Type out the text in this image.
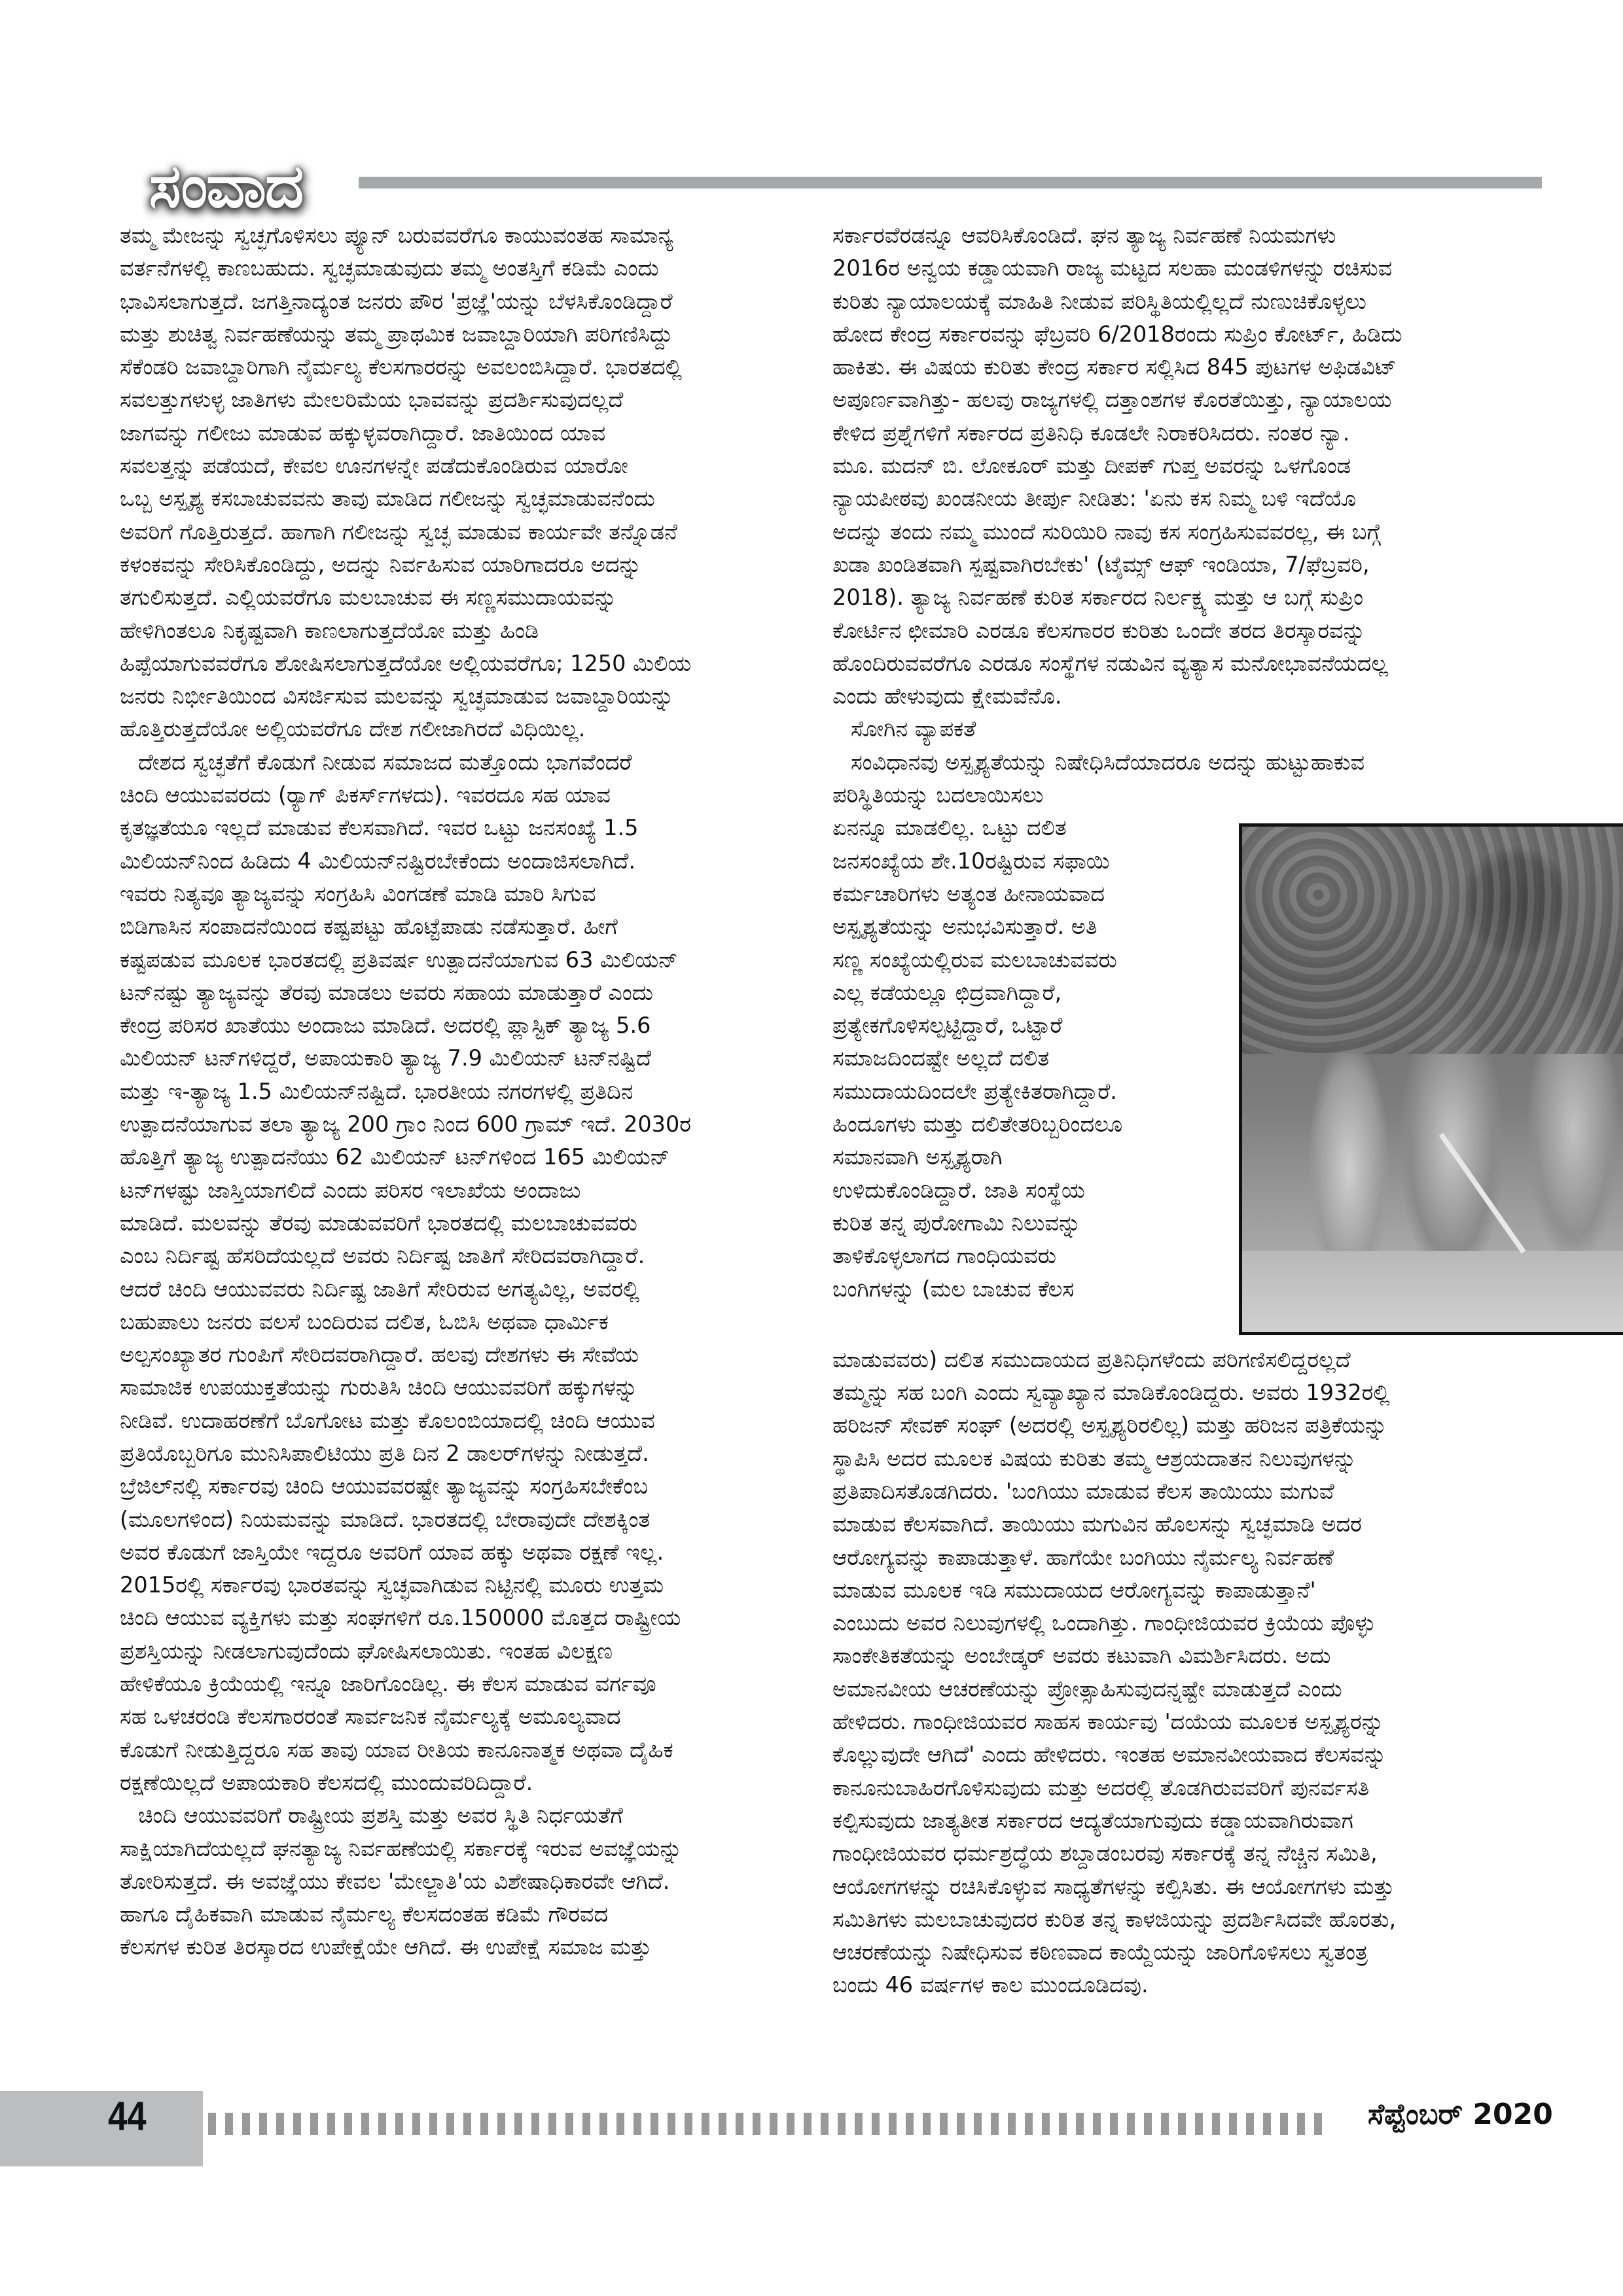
ಸಂವಾದ
ತಮ್ಮ ಮೇಜನ್ನು ಸ್ವಚ್ಛಗೊಳಿಸಲು ಪ್ಯೂನ್ ಬರುವವರೆಗೂ ಕಾಯುವಂತಹ ಸಾಮಾನ್ಯ
ವರ್ತನೆಗಳಲ್ಲಿ ಕಾಣಬಹುದು. ಸ್ವಚ್ಛಮಾಡುವುದು ತಮ್ಮ ಅಂತಸ್ತಿಗೆ ಕಡಿಮೆ ಎಂದು
ಭಾವಿಸಲಾಗುತ್ತದೆ. ಜಗತ್ತಿನಾದ್ಯಂತ ಜನರು ಪೌರ 'ಪ್ರಜ್ಞೆ'ಯನ್ನು ಬೆಳಸಿಕೊಂಡಿದ್ದಾರೆ
ಮತ್ತು ಶುಚಿತ್ವ ನಿರ್ವಹಣೆಯನ್ನು ತಮ್ಮ ಪ್ರಾಥಮಿಕ ಜವಾಬ್ದಾರಿಯಾಗಿ ಪರಿಗಣಿಸಿದ್ದು
ಸೆಕೆಂಡರಿ ಜವಾಬ್ದಾರಿಗಾಗಿ ನೈರ್ಮಲ್ಯ ಕೆಲಸಗಾರರನ್ನು ಅವಲಂಬಿಸಿದ್ದಾರೆ. ಭಾರತದಲ್ಲಿ
ಸವಲತ್ತುಗಳುಳ್ಳ ಜಾತಿಗಳು ಮೇಲರಿಮೆಯ ಭಾವವನ್ನು ಪ್ರದರ್ಶಿಸುವುದಲ್ಲದೆ
ಜಾಗವನ್ನು ಗಲೀಜು ಮಾಡುವ ಹಕ್ಕುಳ್ಳವರಾಗಿದ್ದಾರೆ. ಜಾತಿಯಿಂದ ಯಾವ
ಸವಲತ್ತನ್ನು ಪಡೆಯದೆ, ಕೇವಲ ಊನಗಳನ್ನೇ ಪಡೆದುಕೊಂಡಿರುವ ಯಾರೋ
ಒಬ್ಬ ಅಸ್ಪೃಶ್ಯ ಕಸಬಾಚುವವನು ತಾವು ಮಾಡಿದ ಗಲೀಜನ್ನು ಸ್ವಚ್ಛಮಾಡುವನೆಂದು
ಅವರಿಗೆ ಗೊತ್ತಿರುತ್ತದೆ. ಹಾಗಾಗಿ ಗಲೀಜನ್ನು ಸ್ವಚ್ಛ ಮಾಡುವ ಕಾರ್ಯವೇ ತನ್ನೊಡನೆ
ಕಳಂಕವನ್ನು ಸೇರಿಸಿಕೊಂಡಿದ್ದು, ಅದನ್ನು ನಿರ್ವಹಿಸುವ ಯಾರಿಗಾದರೂ ಅದನ್ನು
ತಗುಲಿಸುತ್ತದೆ. ಎಲ್ಲಿಯವರೆಗೂ ಮಲಬಾಚುವ ಈ ಸಣ್ಣಸಮುದಾಯವನ್ನು
ಹೇಳಿಗಿಂತಲೂ ನಿಕೃಷ್ಟವಾಗಿ ಕಾಣಲಾಗುತ್ತದೆಯೋ ಮತ್ತು ಹಿಂಡಿ
ಹಿಪ್ಪೆಯಾಗುವವರೆಗೂ ಶೋಷಿಸಲಾಗುತ್ತದೆಯೋ ಅಲ್ಲಿಯವರೆಗೂ; 1250 ಮಿಲಿಯ
ಜನರು ನಿರ್ಭೀತಿಯಿಂದ ವಿಸರ್ಜಿಸುವ ಮಲವನ್ನು ಸ್ವಚ್ಛಮಾಡುವ ಜವಾಬ್ದಾರಿಯನ್ನು
ಹೊತ್ತಿರುತ್ತದೆಯೋ ಅಲ್ಲಿಯವರೆಗೂ ದೇಶ ಗಲೀಜಾಗಿರದೆ ವಿಧಿಯಿಲ್ಲ.
ದೇಶದ ಸ್ವಚ್ಛತೆಗೆ ಕೊಡುಗೆ ನೀಡುವ ಸಮಾಜದ ಮತ್ತೊಂದು ಭಾಗವೆಂದರೆ
ಚಿಂದಿ ಆಯುವವರದು (ರ್‍ಯಾಗ್ ಪಿಕರ್ಸ್‌ಗಳದು). ಇವರದೂ ಸಹ ಯಾವ
ಕೃತಜ್ಞತೆಯೂ ಇಲ್ಲದೆ ಮಾಡುವ ಕೆಲಸವಾಗಿದೆ. ಇವರ ಒಟ್ಟು ಜನಸಂಖ್ಯೆ 1.5
ಮಿಲಿಯನ್‌ನಿಂದ ಹಿಡಿದು 4 ಮಿಲಿಯನ್‌ನಷ್ಟಿರಬೇಕೆಂದು ಅಂದಾಜಿಸಲಾಗಿದೆ.
ಇವರು ನಿತ್ಯವೂ ತ್ಯಾಜ್ಯವನ್ನು ಸಂಗ್ರಹಿಸಿ ವಿಂಗಡಣೆ ಮಾಡಿ ಮಾರಿ ಸಿಗುವ
ಬಿಡಿಗಾಸಿನ ಸಂಪಾದನೆಯಿಂದ ಕಷ್ಟಪಟ್ಟು ಹೊಟ್ಟೆಪಾಡು ನಡೆಸುತ್ತಾರೆ. ಹೀಗೆ
ಕಷ್ಟಪಡುವ ಮೂಲಕ ಭಾರತದಲ್ಲಿ ಪ್ರತಿವರ್ಷ ಉತ್ಪಾದನೆಯಾಗುವ 63 ಮಿಲಿಯನ್
ಟನ್‌ನಷ್ಟು ತ್ಯಾಜ್ಯವನ್ನು ತೆರವು ಮಾಡಲು ಅವರು ಸಹಾಯ ಮಾಡುತ್ತಾರೆ ಎಂದು
ಕೇಂದ್ರ ಪರಿಸರ ಖಾತೆಯು ಅಂದಾಜು ಮಾಡಿದೆ. ಅದರಲ್ಲಿ ಪ್ಲಾಸ್ಟಿಕ್ ತ್ಯಾಜ್ಯ 5.6
ಮಿಲಿಯನ್ ಟನ್‌ಗಳಿದ್ದರೆ, ಅಪಾಯಕಾರಿ ತ್ಯಾಜ್ಯ 7.9 ಮಿಲಿಯನ್ ಟನ್‌ನಷ್ಟಿದೆ
ಮತ್ತು ಇ-ತ್ಯಾಜ್ಯ 1.5 ಮಿಲಿಯನ್‌ನಷ್ಟಿದೆ. ಭಾರತೀಯ ನಗರಗಳಲ್ಲಿ ಪ್ರತಿದಿನ
ಉತ್ಪಾದನೆಯಾಗುವ ತಲಾ ತ್ಯಾಜ್ಯ 200 ಗ್ರಾಂ ನಿಂದ 600 ಗ್ರಾಮ್ ಇದೆ. 2030ರ
ಹೊತ್ತಿಗೆ ತ್ಯಾಜ್ಯ ಉತ್ಪಾದನೆಯು 62 ಮಿಲಿಯನ್ ಟನ್‌ಗಳಿಂದ 165 ಮಿಲಿಯನ್
ಟನ್‌ಗಳಷ್ಟು ಜಾಸ್ತಿಯಾಗಲಿದೆ ಎಂದು ಪರಿಸರ ಇಲಾಖೆಯ ಅಂದಾಜು
ಮಾಡಿದೆ. ಮಲವನ್ನು ತೆರವು ಮಾಡುವವರಿಗೆ ಭಾರತದಲ್ಲಿ ಮಲಬಾಚುವವರು
ಎಂಬ ನಿರ್ದಿಷ್ಟ ಹೆಸರಿದೆಯಲ್ಲದೆ ಅವರು ನಿರ್ದಿಷ್ಟ ಜಾತಿಗೆ ಸೇರಿದವರಾಗಿದ್ದಾರೆ.
ಆದರೆ ಚಿಂದಿ ಆಯುವವರು ನಿರ್ದಿಷ್ಟ ಜಾತಿಗೆ ಸೇರಿರುವ ಅಗತ್ಯವಿಲ್ಲ, ಅವರಲ್ಲಿ
ಬಹುಪಾಲು ಜನರು ವಲಸೆ ಬಂದಿರುವ ದಲಿತ, ಓಬಿಸಿ ಅಥವಾ ಧಾರ್ಮಿಕ
ಅಲ್ಪಸಂಖ್ಯಾತರ ಗುಂಪಿಗೆ ಸೇರಿದವರಾಗಿದ್ದಾರೆ. ಹಲವು ದೇಶಗಳು ಈ ಸೇವೆಯ
ಸಾಮಾಜಿಕ ಉಪಯುಕ್ತತೆಯನ್ನು ಗುರುತಿಸಿ ಚಿಂದಿ ಆಯುವವರಿಗೆ ಹಕ್ಕುಗಳನ್ನು
ನೀಡಿವೆ. ಉದಾಹರಣೆಗೆ ಬೊಗೋಟ ಮತ್ತು ಕೊಲಂಬಿಯಾದಲ್ಲಿ ಚಿಂದಿ ಆಯುವ
ಪ್ರತಿಯೊಬ್ಬರಿಗೂ ಮುನಿಸಿಪಾಲಿಟಿಯು ಪ್ರತಿ ದಿನ 2 ಡಾಲರ್‌ಗಳನ್ನು ನೀಡುತ್ತದೆ.
ಬ್ರೆಜಿಲ್‌ನಲ್ಲಿ ಸರ್ಕಾರವು ಚಿಂದಿ ಆಯುವವರಷ್ಟೇ ತ್ಯಾಜ್ಯವನ್ನು ಸಂಗ್ರಹಿಸಬೇಕೆಂಬ
(ಮೂಲಗಳಿಂದ) ನಿಯಮವನ್ನು ಮಾಡಿದೆ. ಭಾರತದಲ್ಲಿ ಬೇರಾವುದೇ ದೇಶಕ್ಕಿಂತ
ಅವರ ಕೊಡುಗೆ ಜಾಸ್ತಿಯೇ ಇದ್ದರೂ ಅವರಿಗೆ ಯಾವ ಹಕ್ಕು ಅಥವಾ ರಕ್ಷಣೆ ಇಲ್ಲ.
2015ರಲ್ಲಿ ಸರ್ಕಾರವು ಭಾರತವನ್ನು ಸ್ವಚ್ಛವಾಗಿಡುವ ನಿಟ್ಟಿನಲ್ಲಿ ಮೂರು ಉತ್ತಮ
ಚಿಂದಿ ಆಯುವ ವ್ಯಕ್ತಿಗಳು ಮತ್ತು ಸಂಘಗಳಿಗೆ ರೂ.150000 ಮೊತ್ತದ ರಾಷ್ಟ್ರೀಯ
ಪ್ರಶಸ್ತಿಯನ್ನು ನೀಡಲಾಗುವುದೆಂದು ಘೋಷಿಸಲಾಯಿತು. ಇಂತಹ ವಿಲಕ್ಷಣ
ಹೇಳಿಕೆಯೂ ಕ್ರಿಯೆಯಲ್ಲಿ ಇನ್ನೂ ಜಾರಿಗೊಂಡಿಲ್ಲ. ಈ ಕೆಲಸ ಮಾಡುವ ವರ್ಗವೂ
ಸಹ ಒಳಚರಂಡಿ ಕೆಲಸಗಾರರಂತೆ ಸಾರ್ವಜನಿಕ ನೈರ್ಮಲ್ಯಕ್ಕೆ ಅಮೂಲ್ಯವಾದ
ಕೊಡುಗೆ ನೀಡುತ್ತಿದ್ದರೂ ಸಹ ತಾವು ಯಾವ ರೀತಿಯ ಕಾನೂನಾತ್ಮಕ ಅಥವಾ ದೈಹಿಕ
ರಕ್ಷಣೆಯಿಲ್ಲದೆ ಅಪಾಯಕಾರಿ ಕೆಲಸದಲ್ಲಿ ಮುಂದುವರಿದಿದ್ದಾರೆ.
ಚಿಂದಿ ಆಯುವವರಿಗೆ ರಾಷ್ಟ್ರೀಯ ಪ್ರಶಸ್ತಿ ಮತ್ತು ಅವರ ಸ್ಥಿತಿ ನಿರ್ಧಯತೆಗೆ
ಸಾಕ್ಷಿಯಾಗಿದೆಯಲ್ಲದೆ ಘನತ್ಯಾಜ್ಯ ನಿರ್ವಹಣೆಯಲ್ಲಿ ಸರ್ಕಾರಕ್ಕೆ ಇರುವ ಅವಜ್ಞೆಯನ್ನು
ತೋರಿಸುತ್ತದೆ. ಈ ಅವಜ್ಞೆಯು ಕೇವಲ 'ಮೇಲ್ಜಾತಿ'ಯ ವಿಶೇಷಾಧಿಕಾರವೇ ಆಗಿದೆ.
ಹಾಗೂ ದೈಹಿಕವಾಗಿ ಮಾಡುವ ನೈರ್ಮಲ್ಯ ಕೆಲಸದಂತಹ ಕಡಿಮೆ ಗೌರವದ
ಕೆಲಸಗಳ ಕುರಿತ ತಿರಸ್ಕಾರದ ಉಪೇಕ್ಷೆಯೇ ಆಗಿದೆ. ಈ ಉಪೇಕ್ಷೆ ಸಮಾಜ ಮತ್ತು
ಸರ್ಕಾರವೆರಡನ್ನೂ ಆವರಿಸಿಕೊಂಡಿದೆ. ಘನ ತ್ಯಾಜ್ಯ ನಿರ್ವಹಣೆ ನಿಯಮಗಳು
2016ರ ಅನ್ವಯ ಕಡ್ಡಾಯವಾಗಿ ರಾಜ್ಯ ಮಟ್ಟದ ಸಲಹಾ ಮಂಡಳಿಗಳನ್ನು ರಚಿಸುವ
ಕುರಿತು ನ್ಯಾಯಾಲಯಕ್ಕೆ ಮಾಹಿತಿ ನೀಡುವ ಪರಿಸ್ಥಿತಿಯಲ್ಲಿಲ್ಲದೆ ನುಣುಚಿಕೊಳ್ಳಲು
ಹೋದ ಕೇಂದ್ರ ಸರ್ಕಾರವನ್ನು ಫೆಬ್ರವರಿ 6/2018ರಂದು ಸುಪ್ರಿಂ ಕೋರ್ಟ್, ಹಿಡಿದು
ಹಾಕಿತು. ಈ ವಿಷಯ ಕುರಿತು ಕೇಂದ್ರ ಸರ್ಕಾರ ಸಲ್ಲಿಸಿದ 845 ಪುಟಗಳ ಅಫಿಡವಿಟ್
ಅಪೂರ್ಣವಾಗಿತ್ತು- ಹಲವು ರಾಜ್ಯಗಳಲ್ಲಿ ದತ್ತಾಂಶಗಳ ಕೊರತೆಯಿತ್ತು, ನ್ಯಾಯಾಲಯ
ಕೇಳಿದ ಪ್ರಶ್ನೆಗಳಿಗೆ ಸರ್ಕಾರದ ಪ್ರತಿನಿಧಿ ಕೂಡಲೇ ನಿರಾಕರಿಸಿದರು. ನಂತರ ನ್ಯಾ.
ಮೂ. ಮದನ್ ಬಿ. ಲೋಕೂರ್ ಮತ್ತು ದೀಪಕ್ ಗುಪ್ತ ಅವರನ್ನು ಒಳಗೊಂಡ
ನ್ಯಾಯಪೀಠವು ಖಂಡನೀಯ ತೀರ್ಪು ನೀಡಿತು: 'ಏನು ಕಸ ನಿಮ್ಮ ಬಳಿ ಇದೆಯೊ
ಅದನ್ನು ತಂದು ನಮ್ಮ ಮುಂದೆ ಸುರಿಯಿರಿ ನಾವು ಕಸ ಸಂಗ್ರಹಿಸುವವರಲ್ಲ, ಈ ಬಗ್ಗೆ
ಖಡಾ ಖಂಡಿತವಾಗಿ ಸ್ಪಷ್ಟವಾಗಿರಬೇಕು' (ಟೈಮ್ಸ್ ಆಫ್ ಇಂಡಿಯಾ, 7/ಫೆಬ್ರವರಿ,
2018). ತ್ಯಾಜ್ಯ ನಿರ್ವಹಣೆ ಕುರಿತ ಸರ್ಕಾರದ ನಿರ್ಲಕ್ಷ್ಯ ಮತ್ತು ಆ ಬಗ್ಗೆ ಸುಪ್ರಿಂ
ಕೋರ್ಟಿನ ಛೀಮಾರಿ ಎರಡೂ ಕೆಲಸಗಾರರ ಕುರಿತು ಒಂದೇ ತರದ ತಿರಸ್ಕಾರವನ್ನು
ಹೊಂದಿರುವವರೆಗೂ ಎರಡೂ ಸಂಸ್ಥೆಗಳ ನಡುವಿನ ವ್ಯತ್ಯಾಸ ಮನೋಭಾವನೆಯದಲ್ಲ
ಎಂದು ಹೇಳುವುದು ಕ್ಷೇಮವೆನೊ.
ಸೋಗಿನ ವ್ಯಾಪಕತೆ
ಸಂವಿಧಾನವು ಅಸ್ಪೃಶ್ಯತೆಯನ್ನು ನಿಷೇಧಿಸಿದೆಯಾದರೂ ಅದನ್ನು ಹುಟ್ಟುಹಾಕುವ
ಪರಿಸ್ಥಿತಿಯನ್ನು ಬದಲಾಯಿಸಲು
ಏನನ್ನೂ ಮಾಡಲಿಲ್ಲ. ಒಟ್ಟು ದಲಿತ
ಜನಸಂಖ್ಯೆಯ ಶೇ.10ರಷ್ಟಿರುವ ಸಫಾಯಿ
ಕರ್ಮಚಾರಿಗಳು ಅತ್ಯಂತ ಹೀನಾಯವಾದ
ಅಸ್ಪೃಶ್ಯತೆಯನ್ನು ಅನುಭವಿಸುತ್ತಾರೆ. ಅತಿ
ಸಣ್ಣ ಸಂಖ್ಯೆಯಲ್ಲಿರುವ ಮಲಬಾಚುವವರು
ಎಲ್ಲ ಕಡೆಯಲ್ಲೂ ಛಿದ್ರವಾಗಿದ್ದಾರೆ,
ಪ್ರತ್ಯೇಕಗೊಳಿಸಲ್ಪಟ್ಟಿದ್ದಾರೆ, ಒಟ್ಟಾರೆ
ಸಮಾಜದಿಂದಷ್ಟೇ ಅಲ್ಲದೆ ದಲಿತ
ಸಮುದಾಯದಿಂದಲೇ ಪ್ರತ್ಯೇಕಿತರಾಗಿದ್ದಾರೆ.
ಹಿಂದೂಗಳು ಮತ್ತು ದಲಿತೇತರಿಬ್ಬರಿಂದಲೂ
ಸಮಾನವಾಗಿ ಅಸ್ಪೃಶ್ಯರಾಗಿ
ಉಳಿದುಕೊಂಡಿದ್ದಾರೆ. ಜಾತಿ ಸಂಸ್ಥೆಯ
ಕುರಿತ ತನ್ನ ಪುರೋಗಾಮಿ ನಿಲುವನ್ನು
ತಾಳಿಕೊಳ್ಳಲಾಗದ ಗಾಂಧಿಯವರು
ಬಂಗಿಗಳನ್ನು (ಮಲ ಬಾಚುವ ಕೆಲಸ
ಮಾಡುವವರು) ದಲಿತ ಸಮುದಾಯದ ಪ್ರತಿನಿಧಿಗಳೆಂದು ಪರಿಗಣಿಸಲಿದ್ದರಲ್ಲದೆ
ತಮ್ಮನ್ನು ಸಹ ಬಂಗಿ ಎಂದು ಸ್ವವ್ಯಾಖ್ಯಾನ ಮಾಡಿಕೊಂಡಿದ್ದರು. ಅವರು 1932ರಲ್ಲಿ
ಹರಿಜನ್ ಸೇವಕ್ ಸಂಘ್ (ಅದರಲ್ಲಿ ಅಸ್ಪೃಶ್ಯರಿರಲಿಲ್ಲ) ಮತ್ತು ಹರಿಜನ ಪತ್ರಿಕೆಯನ್ನು
ಸ್ಥಾಪಿಸಿ ಅದರ ಮೂಲಕ ವಿಷಯ ಕುರಿತು ತಮ್ಮ ಆಶ್ರಯದಾತನ ನಿಲುವುಗಳನ್ನು
ಪ್ರತಿಪಾದಿಸತೊಡಗಿದರು. 'ಬಂಗಿಯು ಮಾಡುವ ಕೆಲಸ ತಾಯಿಯು ಮಗುವೆ
ಮಾಡುವ ಕೆಲಸವಾಗಿದೆ. ತಾಯಿಯು ಮಗುವಿನ ಹೊಲಸನ್ನು ಸ್ವಚ್ಛಮಾಡಿ ಅದರ
ಆರೋಗ್ಯವನ್ನು ಕಾಪಾಡುತ್ತಾಳೆ. ಹಾಗೆಯೇ ಬಂಗಿಯು ನೈರ್ಮಲ್ಯ ನಿರ್ವಹಣೆ
ಮಾಡುವ ಮೂಲಕ ಇಡಿ ಸಮುದಾಯದ ಆರೋಗ್ಯವನ್ನು ಕಾಪಾಡುತ್ತಾನೆ'
ಎಂಬುದು ಅವರ ನಿಲುವುಗಳಲ್ಲಿ ಒಂದಾಗಿತ್ತು. ಗಾಂಧೀಜಿಯವರ ಕ್ರಿಯೆಯ ಪೊಳ್ಳು
ಸಾಂಕೇತಿಕತೆಯನ್ನು ಅಂಬೇಡ್ಕರ್ ಅವರು ಕಟುವಾಗಿ ವಿಮರ್ಶಿಸಿದರು. ಅದು
ಅಮಾನವೀಯ ಆಚರಣೆಯನ್ನು ಪ್ರೋತ್ಸಾಹಿಸುವುದನ್ನಷ್ಟೇ ಮಾಡುತ್ತದೆ ಎಂದು
ಹೇಳಿದರು. ಗಾಂಧೀಜಿಯವರ ಸಾಹಸ ಕಾರ್ಯವು 'ದಯೆಯ ಮೂಲಕ ಅಸ್ಪೃಶ್ಯರನ್ನು
ಕೊಲ್ಲುವುದೇ ಆಗಿದೆ' ಎಂದು ಹೇಳಿದರು. ಇಂತಹ ಅಮಾನವೀಯವಾದ ಕೆಲಸವನ್ನು
ಕಾನೂನುಬಾಹಿರಗೊಳಿಸುವುದು ಮತ್ತು ಅದರಲ್ಲಿ ತೊಡಗಿರುವವರಿಗೆ ಪುನರ್ವಸತಿ
ಕಲ್ಪಿಸುವುದು ಜಾತ್ಯತೀತ ಸರ್ಕಾರದ ಆದ್ಯತೆಯಾಗುವುದು ಕಡ್ಡಾಯವಾಗಿರುವಾಗ
ಗಾಂಧೀಜಿಯವರ ಧರ್ಮಶ್ರದ್ಧೆಯ ಶಬ್ದಾಡಂಬರವು ಸರ್ಕಾರಕ್ಕೆ ತನ್ನ ನೆಚ್ಚಿನ ಸಮಿತಿ,
ಆಯೋಗಗಳನ್ನು ರಚಿಸಿಕೊಳ್ಳುವ ಸಾಧ್ಯತೆಗಳನ್ನು ಕಲ್ಪಿಸಿತು. ಈ ಆಯೋಗಗಳು ಮತ್ತು
ಸಮಿತಿಗಳು ಮಲಬಾಚುವುದರ ಕುರಿತ ತನ್ನ ಕಾಳಜಿಯನ್ನು ಪ್ರದರ್ಶಿಸಿದವೇ ಹೊರತು,
ಆಚರಣೆಯನ್ನು ನಿಷೇಧಿಸುವ ಕಠಿಣವಾದ ಕಾಯ್ದೆಯನ್ನು ಜಾರಿಗೊಳಿಸಲು ಸ್ವತಂತ್ರ
ಬಂದು 46 ವರ್ಷಗಳ ಕಾಲ ಮುಂದೂಡಿದವು.
44	ಸೆಪ್ಟೆಂಬರ್ 2020
